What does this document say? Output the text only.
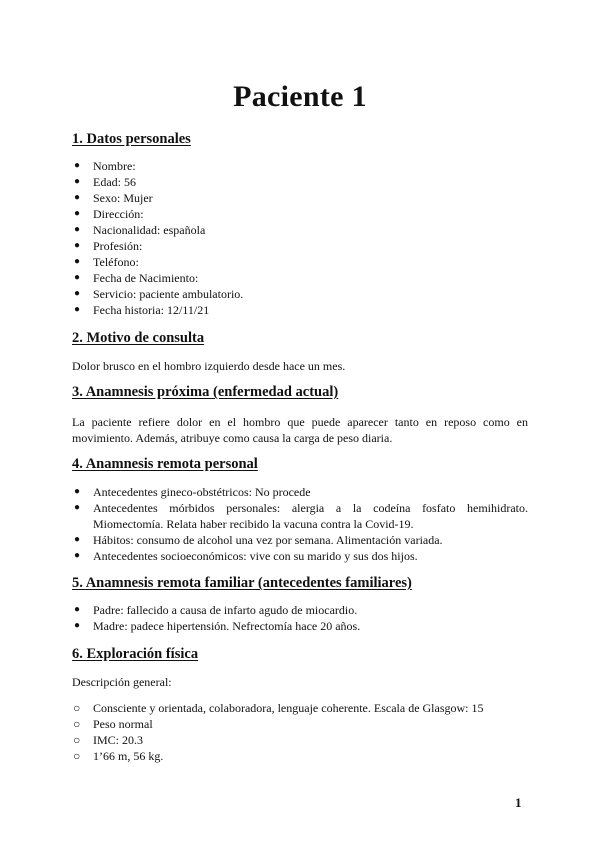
Paciente 1
1. Datos personales
●	Nombre:
●	Edad: 56
●	Sexo: Mujer
●	Dirección:
●	Nacionalidad: española
●	Profesión:
●	Teléfono:
●	Fecha de Nacimiento:
●	Servicio: paciente ambulatorio.
●	Fecha historia: 12/11/21
2. Motivo de consulta
Dolor brusco en el hombro izquierdo desde hace un mes.
3. Anamnesis próxima (enfermedad actual)
La paciente refiere dolor en el hombro que puede aparecer tanto en reposo como en movimiento. Además, atribuye como causa la carga de peso diaria.
4. Anamnesis remota personal
●	Antecedentes gineco-obstétricos: No procede
●	Antecedentes mórbidos personales: alergia a la codeína fosfato hemihidrato. Miomectomía. Relata haber recibido la vacuna contra la Covid-19.
●	Hábitos: consumo de alcohol una vez por semana. Alimentación variada.
●	Antecedentes socioeconómicos: vive con su marido y sus dos hijos.
5. Anamnesis remota familiar (antecedentes familiares)
●	Padre: fallecido a causa de infarto agudo de miocardio.
●	Madre: padece hipertensión. Nefrectomía hace 20 años.
6. Exploración física
Descripción general:
○	Consciente y orientada, colaboradora, lenguaje coherente. Escala de Glasgow: 15
○	Peso normal
○	IMC: 20.3
○	1’66 m, 56 kg.
1
